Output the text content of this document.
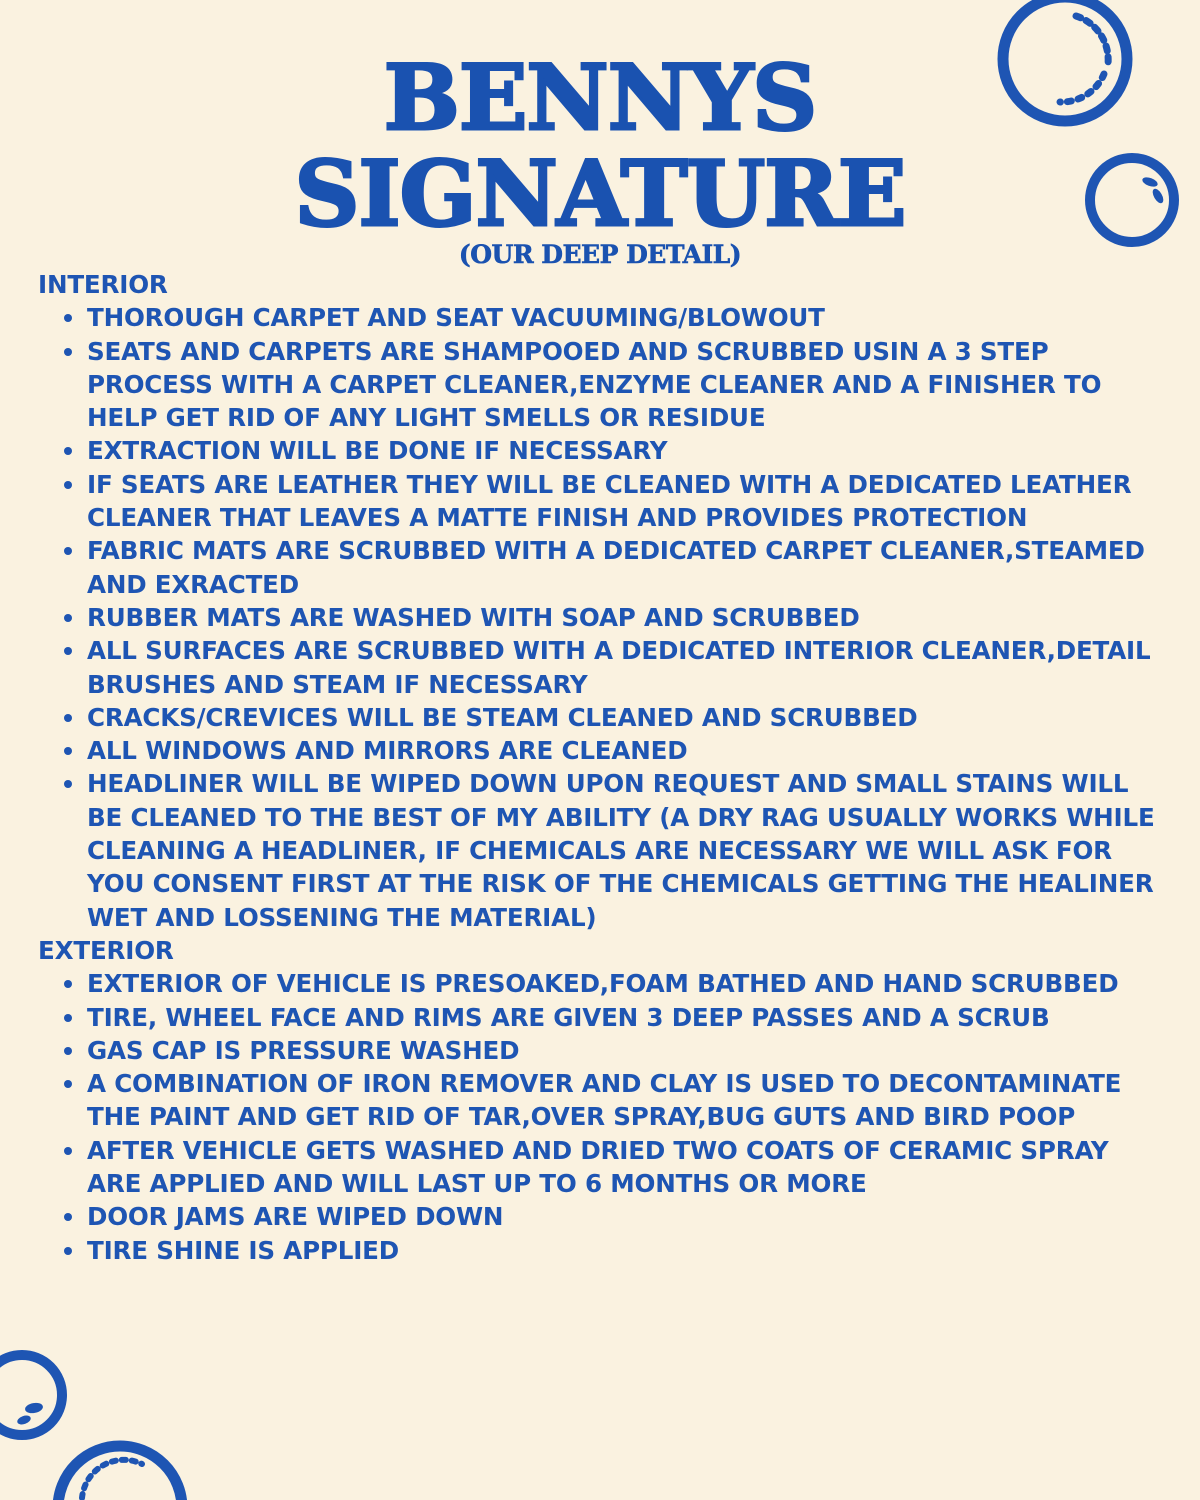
BENNYS
SIGNATURE
(OUR DEEP DETAIL)
INTERIOR
THOROUGH CARPET AND SEAT VACUUMING/BLOWOUT
SEATS AND CARPETS ARE SHAMPOOED AND SCRUBBED USIN A 3 STEP PROCESS WITH A CARPET CLEANER,ENZYME CLEANER AND A FINISHER TO HELP GET RID OF ANY LIGHT SMELLS OR RESIDUE
EXTRACTION WILL BE DONE IF NECESSARY
IF SEATS ARE LEATHER THEY WILL BE CLEANED WITH A DEDICATED LEATHER CLEANER THAT LEAVES A MATTE FINISH AND PROVIDES PROTECTION
FABRIC MATS ARE SCRUBBED WITH A DEDICATED CARPET CLEANER,STEAMED AND EXRACTED
RUBBER MATS ARE WASHED WITH SOAP AND SCRUBBED
ALL SURFACES ARE SCRUBBED WITH A DEDICATED INTERIOR CLEANER,DETAIL BRUSHES AND STEAM IF NECESSARY
CRACKS/CREVICES WILL BE STEAM CLEANED AND SCRUBBED
ALL WINDOWS AND MIRRORS ARE CLEANED
HEADLINER WILL BE WIPED DOWN UPON REQUEST AND SMALL STAINS WILL BE CLEANED TO THE BEST OF MY ABILITY (A DRY RAG USUALLY WORKS WHILE CLEANING A HEADLINER, IF CHEMICALS ARE NECESSARY WE WILL ASK FOR YOU CONSENT FIRST AT THE RISK OF THE CHEMICALS GETTING THE HEALINER WET AND LOSSENING THE MATERIAL)
EXTERIOR
EXTERIOR OF VEHICLE IS PRESOAKED,FOAM BATHED AND HAND SCRUBBED
TIRE, WHEEL FACE AND RIMS ARE GIVEN 3 DEEP PASSES AND A SCRUB
GAS CAP IS PRESSURE WASHED
A COMBINATION OF IRON REMOVER AND CLAY IS USED TO DECONTAMINATE THE PAINT AND GET RID OF TAR,OVER SPRAY,BUG GUTS AND BIRD POOP
AFTER VEHICLE GETS WASHED AND DRIED TWO COATS OF CERAMIC SPRAY ARE APPLIED AND WILL LAST UP TO 6 MONTHS OR MORE
DOOR JAMS ARE WIPED DOWN
TIRE SHINE IS APPLIED
